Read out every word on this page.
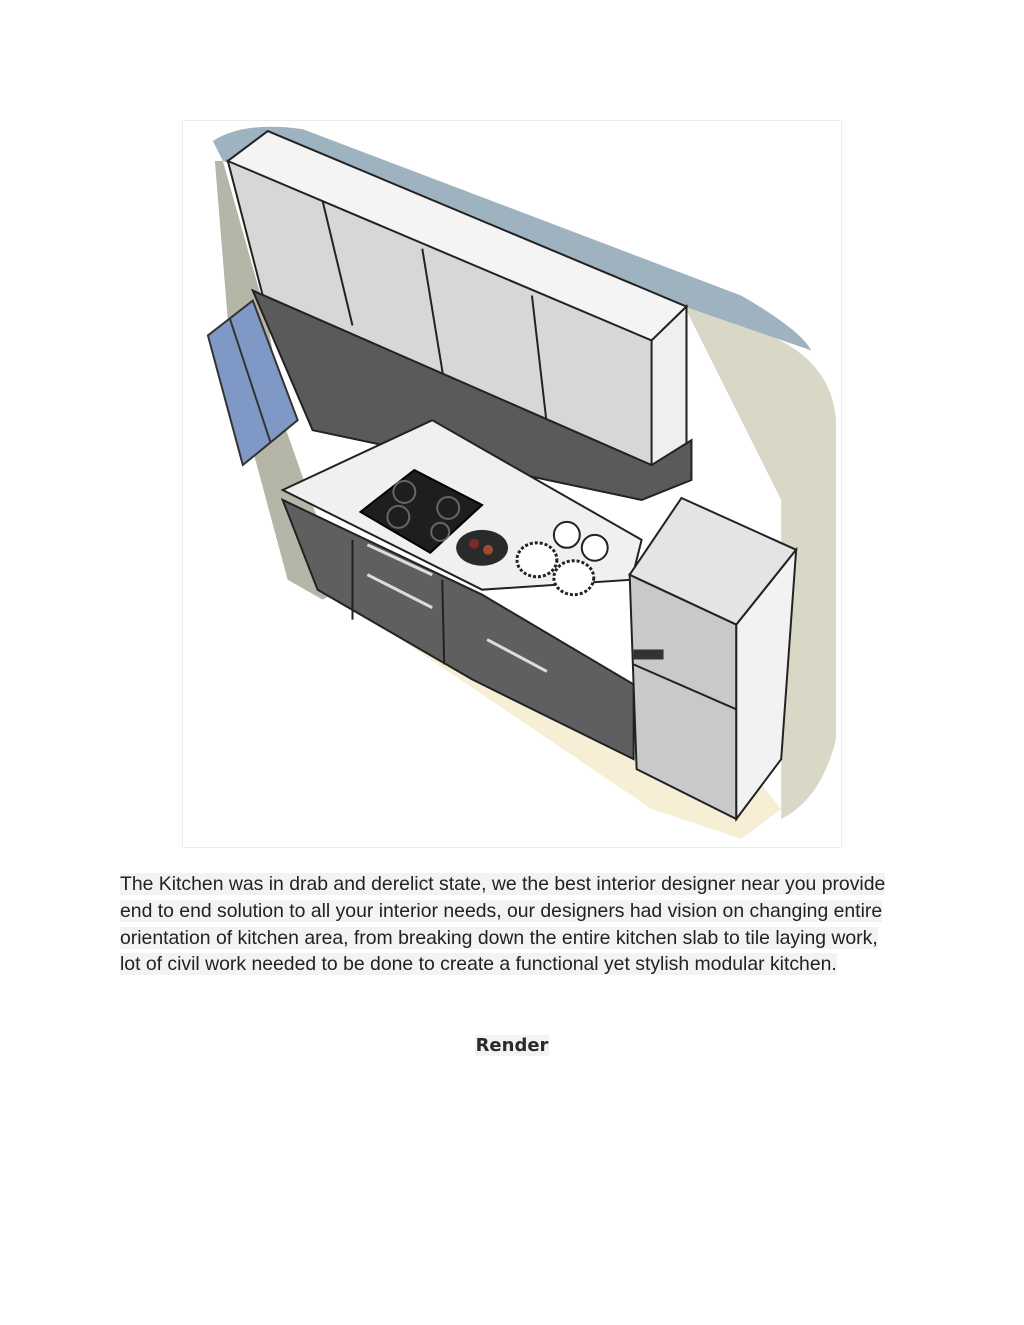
The Kitchen was in drab and derelict state, we the best interior designer near you provide end to end solution to all your interior needs, our designers had vision on changing entire orientation of kitchen area, from breaking down the entire kitchen slab to tile laying work, lot of civil work needed to be done to create a functional yet stylish modular kitchen.

Render
